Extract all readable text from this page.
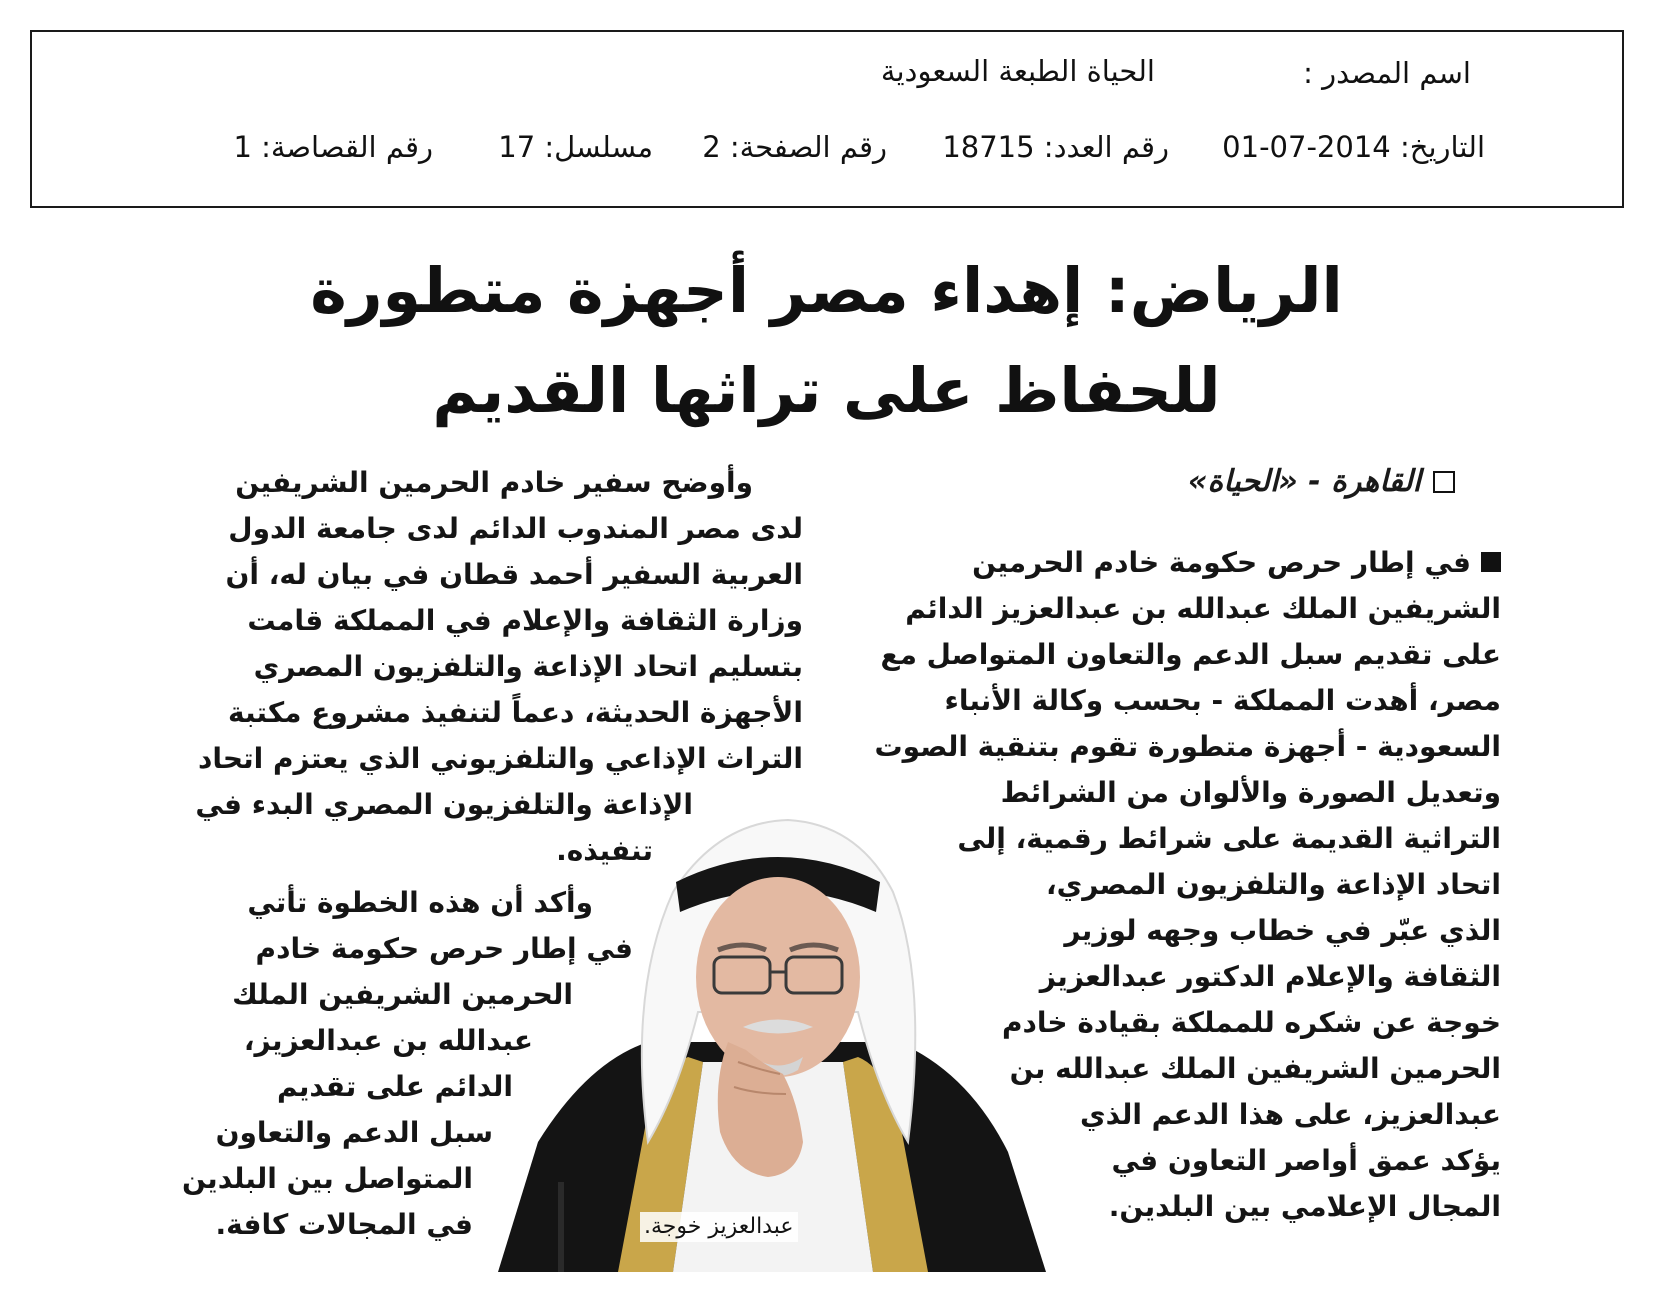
اسم المصدر :
الحياة الطبعة السعودية
التاريخ: 2014-07-01
رقم العدد: 18715
رقم الصفحة: 2
مسلسل: 17
رقم القصاصة: 1
الرياض: إهداء مصر أجهزة متطورة
للحفاظ على تراثها القديم
القاهرة - «الحياة»
في إطار حرص حكومة خادم الحرمين
الشريفين الملك عبدالله بن عبدالعزيز الدائم
على تقديم سبل الدعم والتعاون المتواصل مع
مصر، أهدت المملكة - بحسب وكالة الأنباء
السعودية - أجهزة متطورة تقوم بتنقية الصوت
وتعديل الصورة والألوان من الشرائط
التراثية القديمة على شرائط رقمية، إلى
اتحاد الإذاعة والتلفزيون المصري،
الذي عبّر في خطاب وجهه لوزير
الثقافة والإعلام الدكتور عبدالعزيز
خوجة عن شكره للمملكة بقيادة خادم
الحرمين الشريفين الملك عبدالله بن
عبدالعزيز، على هذا الدعم الذي
يؤكد عمق أواصر التعاون في
المجال الإعلامي بين البلدين.
وأوضح سفير خادم الحرمين الشريفين
لدى مصر المندوب الدائم لدى جامعة الدول
العربية السفير أحمد قطان في بيان له، أن
وزارة الثقافة والإعلام في المملكة قامت
بتسليم اتحاد الإذاعة والتلفزيون المصري
الأجهزة الحديثة، دعماً لتنفيذ مشروع مكتبة
التراث الإذاعي والتلفزيوني الذي يعتزم اتحاد
الإذاعة والتلفزيون المصري البدء في
تنفيذه.
وأكد أن هذه الخطوة تأتي
في إطار حرص حكومة خادم
الحرمين الشريفين الملك
عبدالله بن عبدالعزيز،
الدائم على تقديم
سبل الدعم والتعاون
المتواصل بين البلدين
في المجالات كافة.	عبدالعزيز خوجة.
